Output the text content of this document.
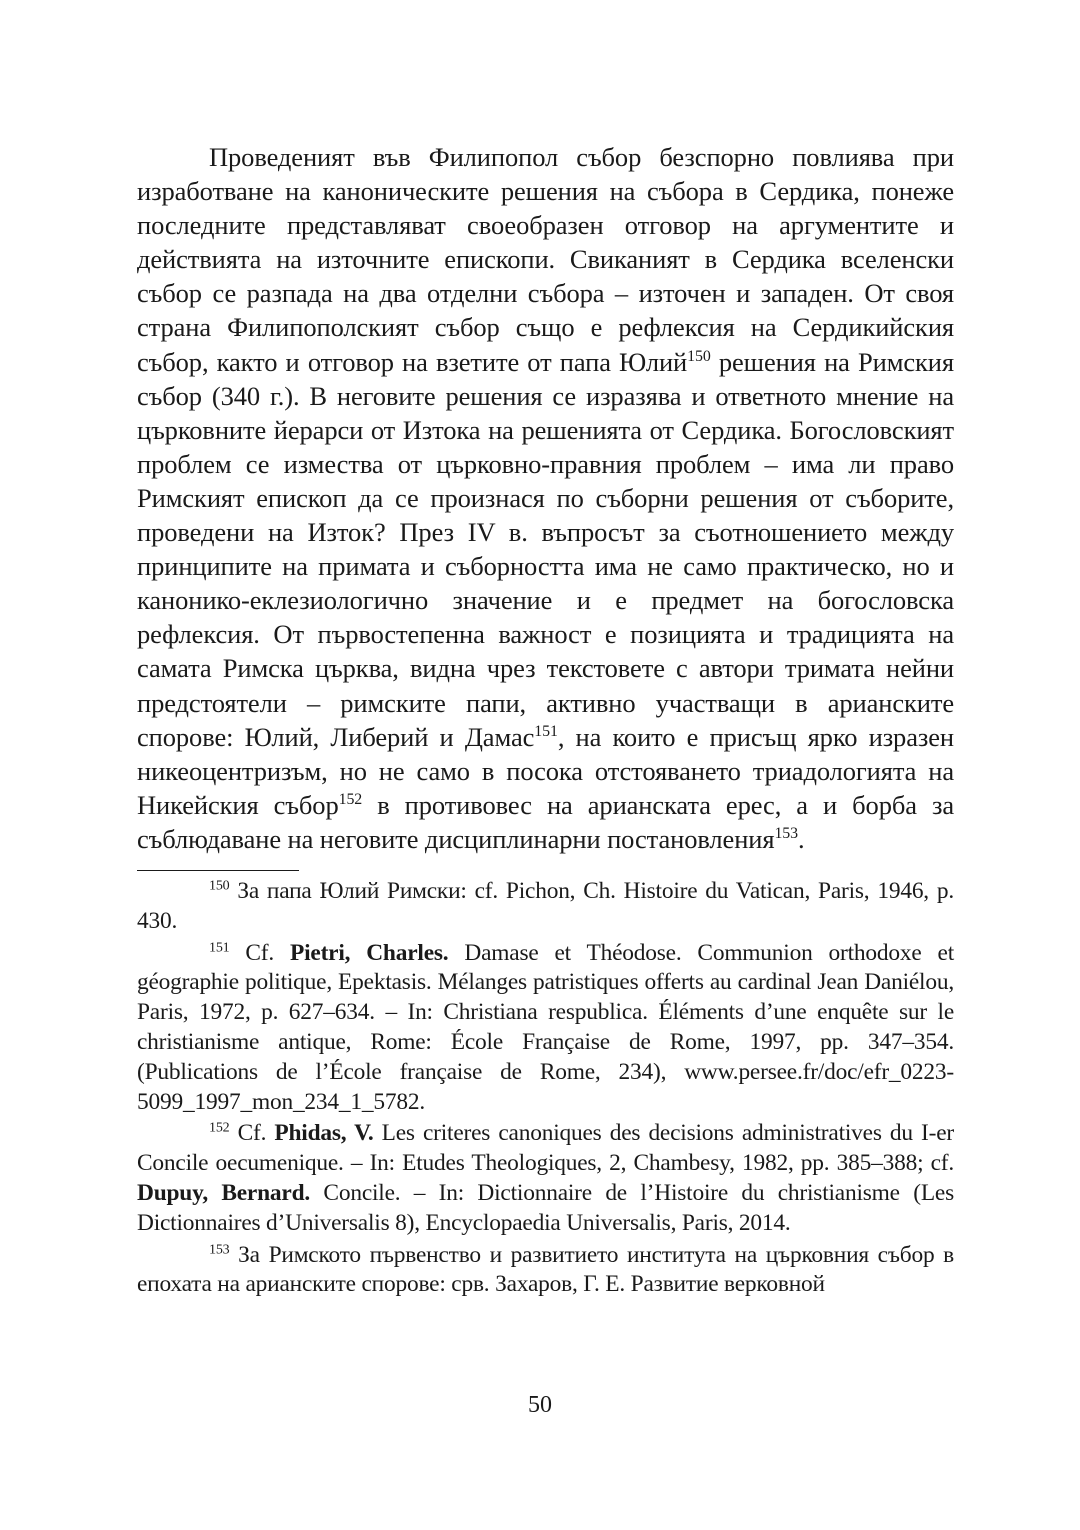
Проведеният във Филипопол събор безспорно повлиява при изработване на каноническите решения на събора в Сердика, понеже последните представляват своеобразен отговор на аргументите и действията на източните епископи. Свиканият в Сердика вселенски събор се разпада на два отделни събора – източен и западен. От своя страна Филипополският събор също е рефлексия на Сердикийския събор, както и отговор на взетите от папа Юлий$^{150}$ решения на Римския събор (340 г.). В неговите решения се изразява и ответното мнение на църковните йерарси от Изтока на решенията от Сердика. Богословският проблем се измества от църковно-правния проблем – има ли право Римският епископ да се произнася по съборни решения от съборите, проведени на Изток? През IV в. въпросът за съотношението между принципите на примата и съборността има не само практическо, но и канонико-еклезиологично значение и е предмет на богословска рефлексия. От първостепенна важност е позицията и традицията на самата Римска църква, видна чрез текстовете с автори тримата нейни предстоятели – римските папи, активно участващи в арианските спорове: Юлий, Либерий и Дамас$^{151}$, на които е присъщ ярко изразен никеоцентризъм, но не само в посока отстояването триадологията на Никейския събор$^{152}$ в противовес на арианската ерес, а и борба за съблюдаване на неговите дисциплинарни постановления$^{153}$.

$^{150}$ За папа Юлий Римски: cf. Pichon, Ch. Histoire du Vatican, Paris, 1946, p. 430.

$^{151}$ Cf. Pietri, Charles. Damase et Théodose. Communion orthodoxe et géographie politique, Epektasis. Mélanges patristiques offerts au cardinal Jean Daniélou, Paris, 1972, p. 627–634. – In: Christiana respublica. Éléments d’une enquête sur le christianisme antique, Rome: École Française de Rome, 1997, pp. 347–354. (Publications de l’École française de Rome, 234), www.persee.fr/doc/efr_0223-5099_1997_mon_234_1_5782.

$^{152}$ Cf. Phidas, V. Les criteres canoniques des decisions administratives du I-er Concile oecumenique. – In: Etudes Theologiques, 2, Chambesy, 1982, pp. 385–388; cf. Dupuy, Bernard. Concile. – In: Dictionnaire de l’Histoire du christianisme (Les Dictionnaires d’Universalis 8), Encyclopaedia Universalis, Paris, 2014.

$^{153}$ За Римското първенство и развитието института на църковния събор в епохата на арианските спорове: срв. Захаров, Г. Е. Развитие верковной

50
